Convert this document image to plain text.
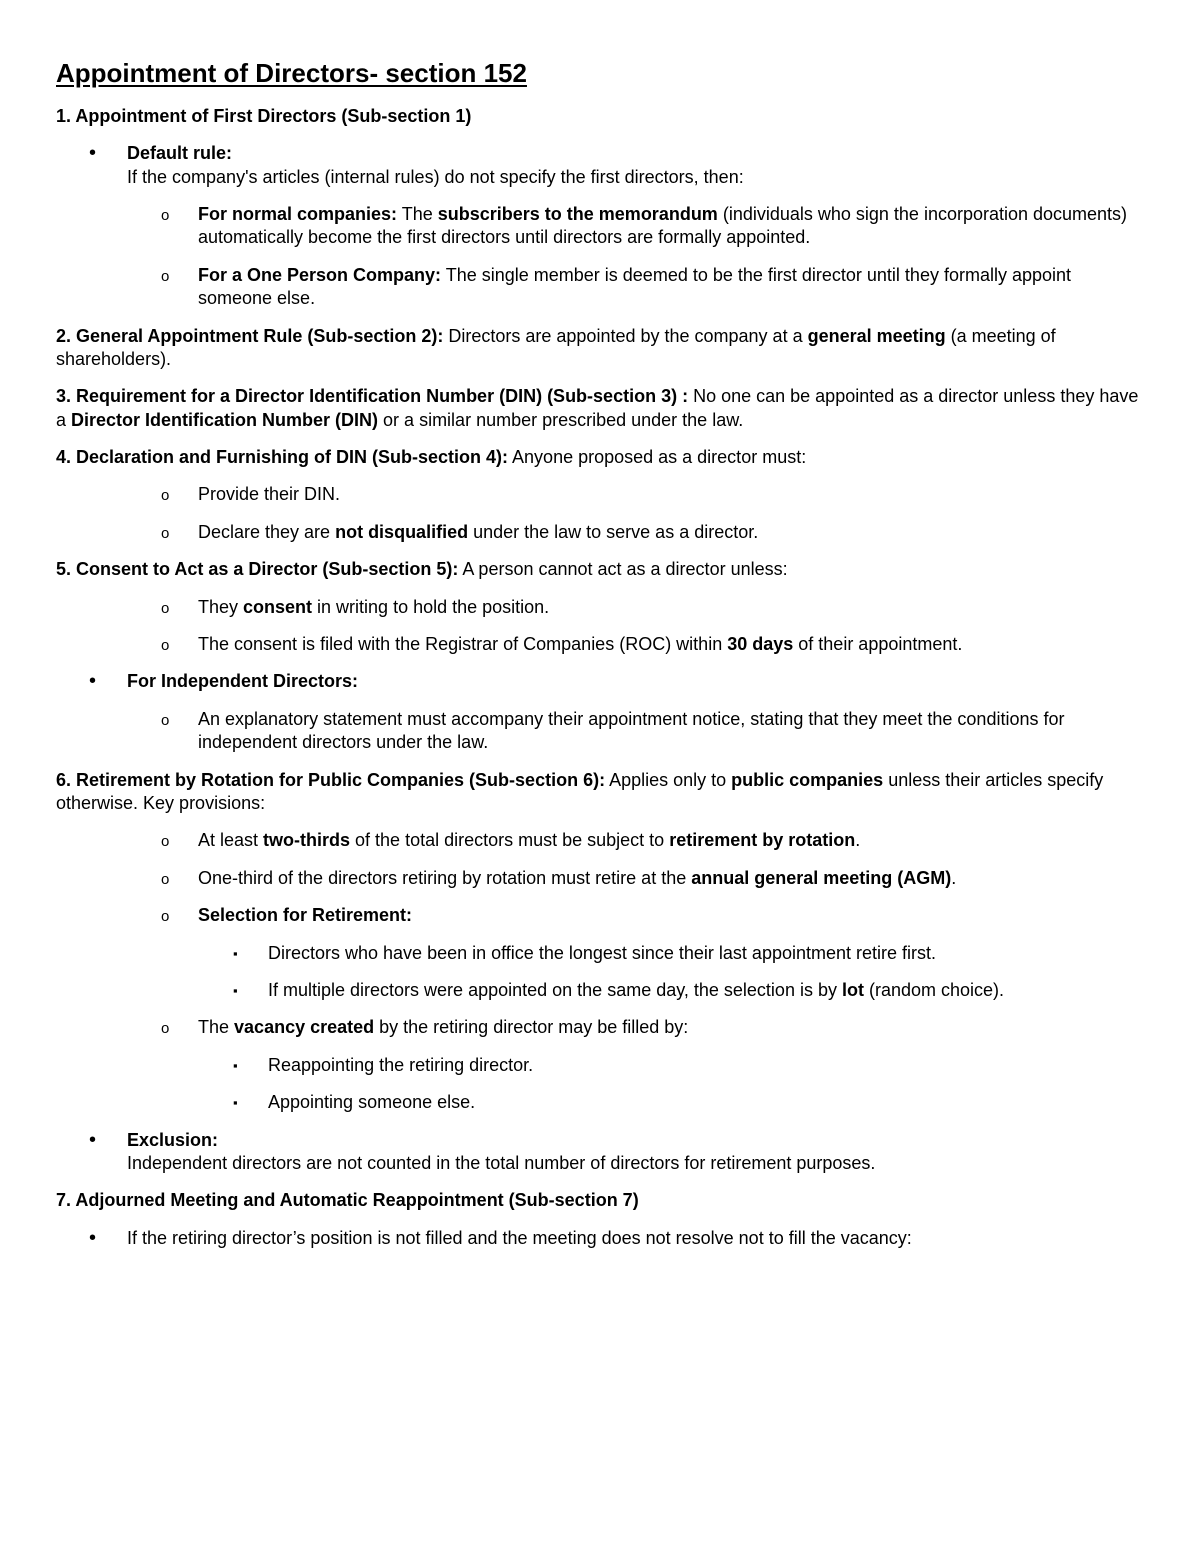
Appointment of Directors- section 152
1. Appointment of First Directors (Sub-section 1)
• Default rule:
If the company's articles (internal rules) do not specify the first directors, then:
o For normal companies: The subscribers to the memorandum (individuals who sign the incorporation documents) automatically become the first directors until directors are formally appointed.
o For a One Person Company: The single member is deemed to be the first director until they formally appoint someone else.
2. General Appointment Rule (Sub-section 2): Directors are appointed by the company at a general meeting (a meeting of shareholders).
3. Requirement for a Director Identification Number (DIN) (Sub-section 3) : No one can be appointed as a director unless they have a Director Identification Number (DIN) or a similar number prescribed under the law.
4. Declaration and Furnishing of DIN (Sub-section 4): Anyone proposed as a director must:
o Provide their DIN.
o Declare they are not disqualified under the law to serve as a director.
5. Consent to Act as a Director (Sub-section 5): A person cannot act as a director unless:
o They consent in writing to hold the position.
o The consent is filed with the Registrar of Companies (ROC) within 30 days of their appointment.
• For Independent Directors:
o An explanatory statement must accompany their appointment notice, stating that they meet the conditions for independent directors under the law.
6. Retirement by Rotation for Public Companies (Sub-section 6): Applies only to public companies unless their articles specify otherwise. Key provisions:
o At least two-thirds of the total directors must be subject to retirement by rotation.
o One-third of the directors retiring by rotation must retire at the annual general meeting (AGM).
o Selection for Retirement:
▪ Directors who have been in office the longest since their last appointment retire first.
▪ If multiple directors were appointed on the same day, the selection is by lot (random choice).
o The vacancy created by the retiring director may be filled by:
▪ Reappointing the retiring director.
▪ Appointing someone else.
• Exclusion:
Independent directors are not counted in the total number of directors for retirement purposes.
7. Adjourned Meeting and Automatic Reappointment (Sub-section 7)
• If the retiring director’s position is not filled and the meeting does not resolve not to fill the vacancy:
